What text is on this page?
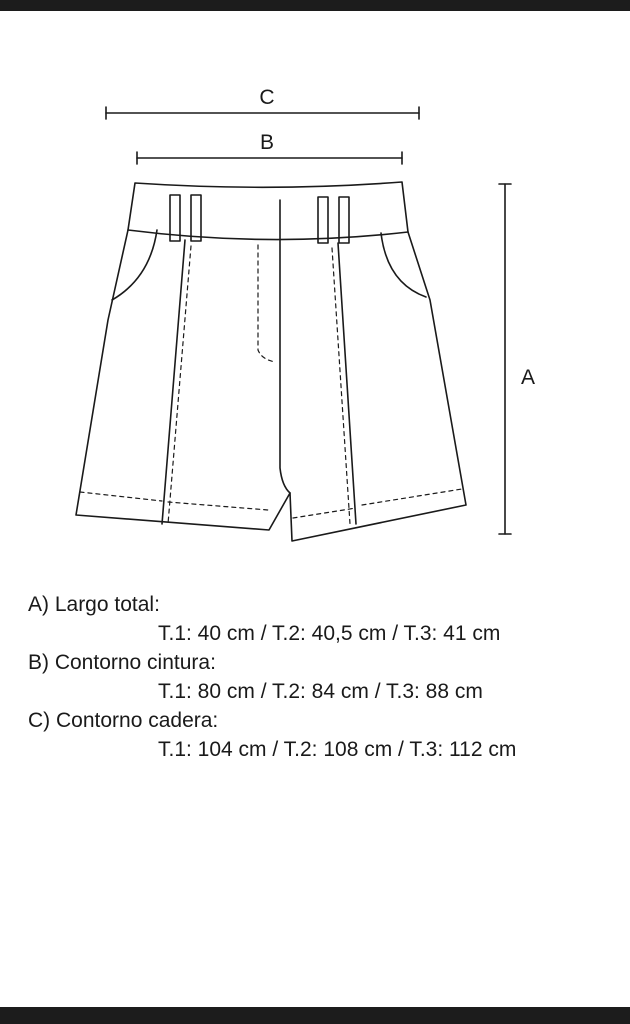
C
B
A
A) Largo total:
T.1: 40 cm / T.2: 40,5 cm / T.3: 41 cm
B) Contorno cintura:
T.1: 80 cm / T.2: 84 cm / T.3: 88 cm
C) Contorno cadera:
T.1: 104 cm / T.2: 108 cm / T.3: 112 cm
